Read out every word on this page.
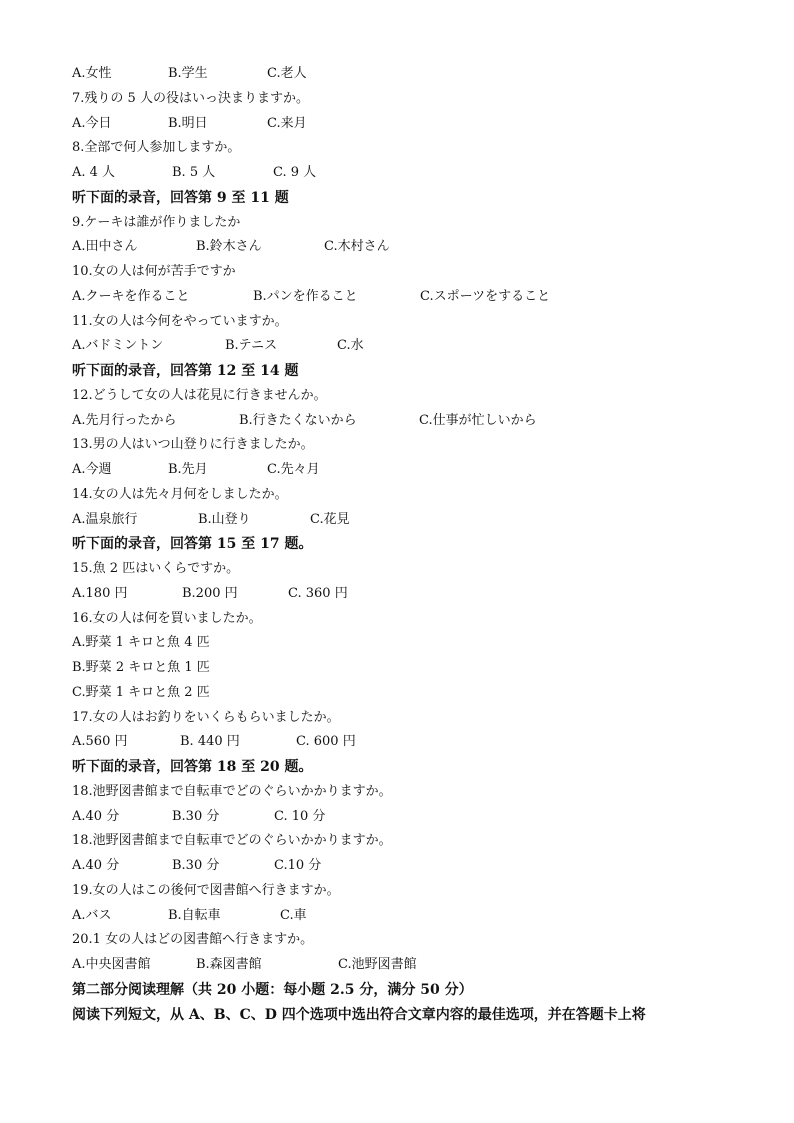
A.女性	B.学生	C.老人
7.残りの 5 人の役はいっ決まりますか。
A.今日	B.明日	C.来月
8.全部で何人参加しますか。
A. 4 人	B. 5 人	C. 9 人
听下面的录音，回答第 9 至 11 题
9.ケーキは誰が作りましたか
A.田中さん	B.鈴木さん	C.木村さん
10.女の人は何が苦手ですか
A.クーキを作ること	B.パンを作ること	C.スポーツをすること
11.女の人は今何をやっていますか。
A.バドミントン	B.テニス	C.水
听下面的录音，回答第 12 至 14 题
12.どうして女の人は花見に行きませんか。
A.先月行ったから	B.行きたくないから	C.仕事が忙しいから
13.男の人はいつ山登りに行きましたか。
A.今週	B.先月	C.先々月
14.女の人は先々月何をしましたか。
A.温泉旅行	B.山登り	C.花見
听下面的录音，回答第 15 至 17 题。
15.魚 2 匹はいくらですか。
A.180 円	B.200 円	C. 360 円
16.女の人は何を買いましたか。
A.野菜 1 キロと魚 4 匹
B.野菜 2 キロと魚 1 匹
C.野菜 1 キロと魚 2 匹
17.女の人はお釣りをいくらもらいましたか。
A.560 円	B. 440 円	C. 600 円
听下面的录音，回答第 18 至 20 题。
18.池野図書館まで自転車でどのぐらいかかりますか。
A.40 分	B.30 分	C. 10 分
18.池野図書館まで自転車でどのぐらいかかりますか。
A.40 分	B.30 分	C.10 分
19.女の人はこの後何で図書館へ行きますか。
A.バス	B.自転車	C.車
20.1 女の人はどの図書館へ行きますか。
A.中央図書館	B.森図書館	C.池野図書館
第二部分阅读理解（共 20 小题：每小题 2.5 分，满分 50 分）
阅读下列短文，从 A、B、C、D 四个选项中选出符合文章内容的最佳选项，并在答题卡上将
